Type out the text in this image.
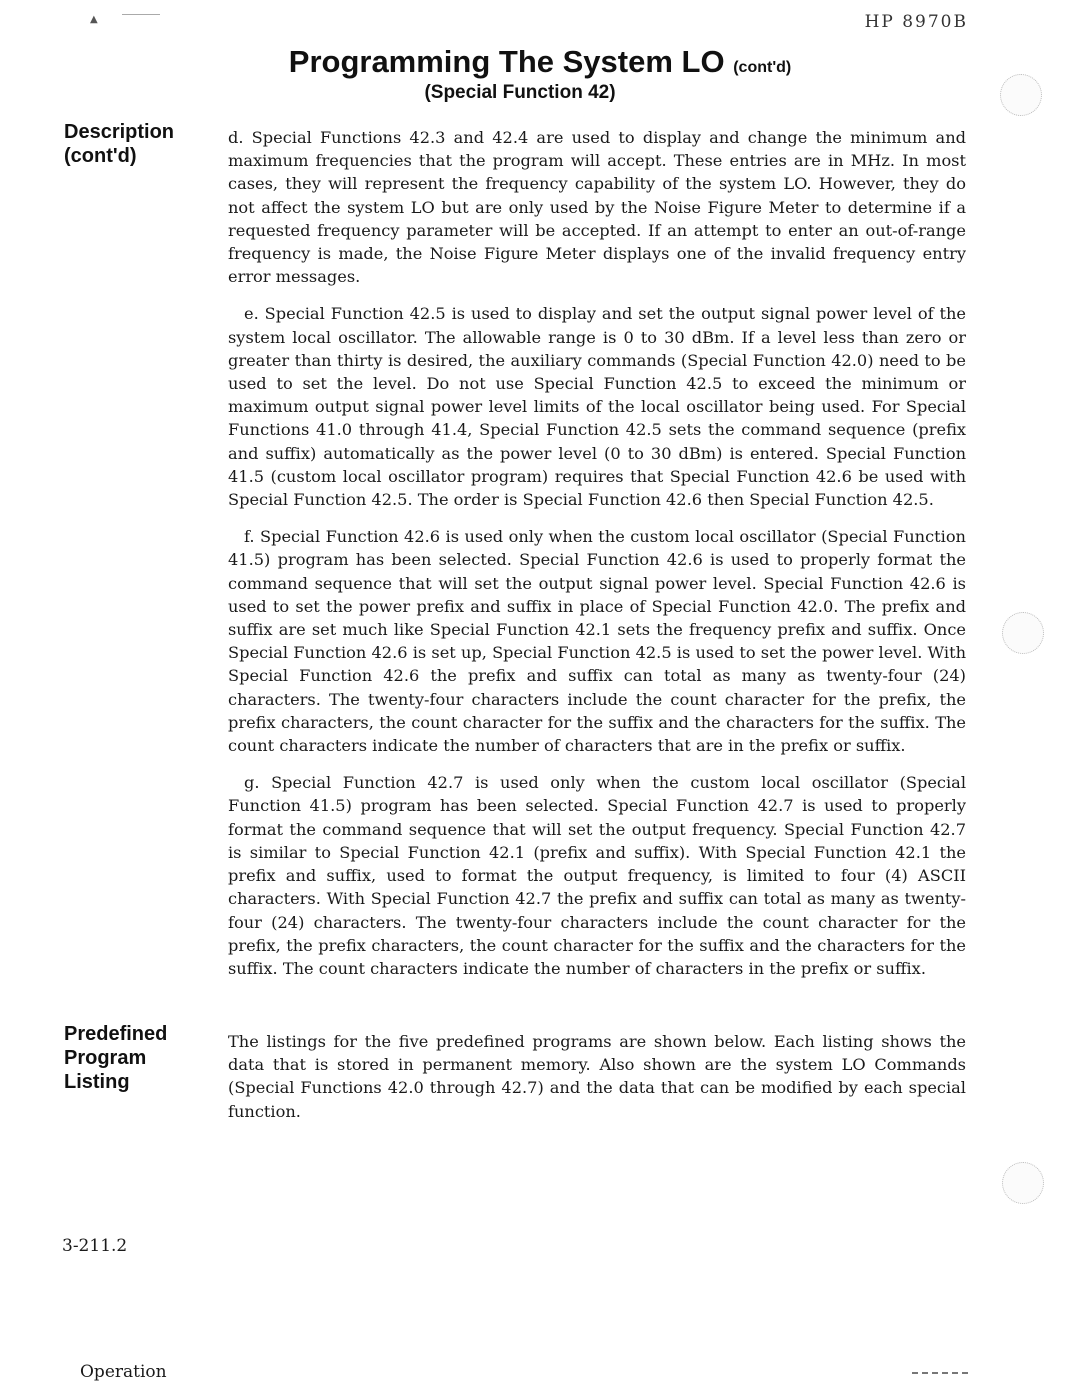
▲	HP 8970B
Programming The System LO (cont'd)
(Special Function 42)
Description
(cont'd)

d. Special Functions 42.3 and 42.4 are used to display and change the minimum and maximum frequencies that the program will accept. These entries are in MHz. In most cases, they will represent the frequency capability of the system LO. However, they do not affect the system LO but are only used by the Noise Figure Meter to determine if a requested frequency parameter will be accepted. If an attempt to enter an out-of-range frequency is made, the Noise Figure Meter displays one of the invalid frequency entry error messages.

e. Special Function 42.5 is used to display and set the output signal power level of the system local oscillator. The allowable range is 0 to 30 dBm. If a level less than zero or greater than thirty is desired, the auxiliary commands (Special Function 42.0) need to be used to set the level. Do not use Special Function 42.5 to exceed the minimum or maximum output signal power level limits of the local oscillator being used. For Special Functions 41.0 through 41.4, Special Function 42.5 sets the command sequence (prefix and suffix) automatically as the power level (0 to 30 dBm) is entered. Special Function 41.5 (custom local oscillator program) requires that Special Function 42.6 be used with Special Function 42.5. The order is Special Function 42.6 then Special Function 42.5.

f. Special Function 42.6 is used only when the custom local oscillator (Special Function 41.5) program has been selected. Special Function 42.6 is used to properly format the command sequence that will set the output signal power level. Special Function 42.6 is used to set the power prefix and suffix in place of Special Function 42.0. The prefix and suffix are set much like Special Function 42.1 sets the frequency prefix and suffix. Once Special Function 42.6 is set up, Special Function 42.5 is used to set the power level. With Special Function 42.6 the prefix and suffix can total as many as twenty-four (24) characters. The twenty-four characters include the count character for the prefix, the prefix characters, the count character for the suffix and the characters for the suffix. The count characters indicate the number of characters that are in the prefix or suffix.

g. Special Function 42.7 is used only when the custom local oscillator (Special Function 41.5) program has been selected. Special Function 42.7 is used to properly format the command sequence that will set the output frequency. Special Function 42.7 is similar to Special Function 42.1 (prefix and suffix). With Special Function 42.1 the prefix and suffix, used to format the output frequency, is limited to four (4) ASCII characters. With Special Function 42.7 the prefix and suffix can total as many as twenty-four (24) characters. The twenty-four characters include the count character for the prefix, the prefix characters, the count character for the suffix and the characters for the suffix. The count characters indicate the number of characters in the prefix or suffix.

Predefined
Program
Listing

The listings for the five predefined programs are shown below. Each listing shows the data that is stored in permanent memory. Also shown are the system LO Commands (Special Functions 42.0 through 42.7) and the data that can be modified by each special function.

3-211.2
Operation
